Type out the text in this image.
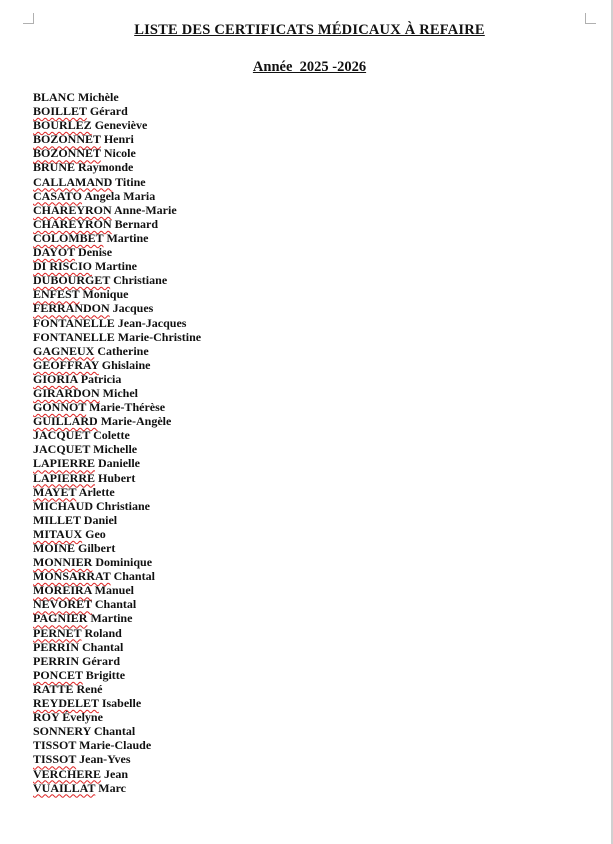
LISTE DES CERTIFICATS MÉDICAUX À REFAIRE
Année  2025 -2026
BLANC Michèle
BOILLET Gérard
BOURLEZ Geneviève
BOZONNET Henri
BOZONNET Nicole
BRUNE Raymonde
CALLAMAND Titine
CASATO Angela Maria
CHAREYRON Anne-Marie
CHAREYRON Bernard
COLOMBET Martine
DAYOT Denise
DI RISCIO Martine
DUBOURGET Christiane
ENFEST Monique
FERRANDON Jacques
FONTANELLE Jean-Jacques
FONTANELLE Marie-Christine
GAGNEUX Catherine
GEOFFRAY Ghislaine
GIORIA Patricia
GIRARDON Michel
GONNOT Marie-Thérèse
GUILLARD Marie-Angèle
JACQUET Colette
JACQUET Michelle
LAPIERRE Danielle
LAPIERRE Hubert
MAYET Arlette
MICHAUD Christiane
MILLET Daniel
MITAUX Geo
MOINE Gilbert
MONNIER Dominique
MONSARRAT Chantal
MOREIRA Manuel
NEVORET Chantal
PAGNIER Martine
PERNET Roland
PERRIN Chantal
PERRIN Gérard
PONCET Brigitte
RATTE René
REYDELET Isabelle
ROY Évelyne
SONNERY Chantal
TISSOT Marie-Claude
TISSOT Jean-Yves
VERCHERE Jean
VUAILLAT Marc
